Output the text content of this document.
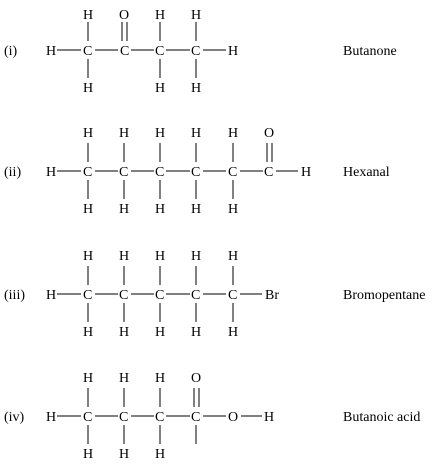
(i)	Butanone
H C C C C H
H
H
O H
H
H
H
(ii)	Hexanal
H C C C C C C H
H H H H H O
H H H H H
(iii)	Bromopentane
H C C C C C Br
H H H H H
H H H H H
(iv)	Butanoic acid
H C C C C O H
H H H O
H H H
